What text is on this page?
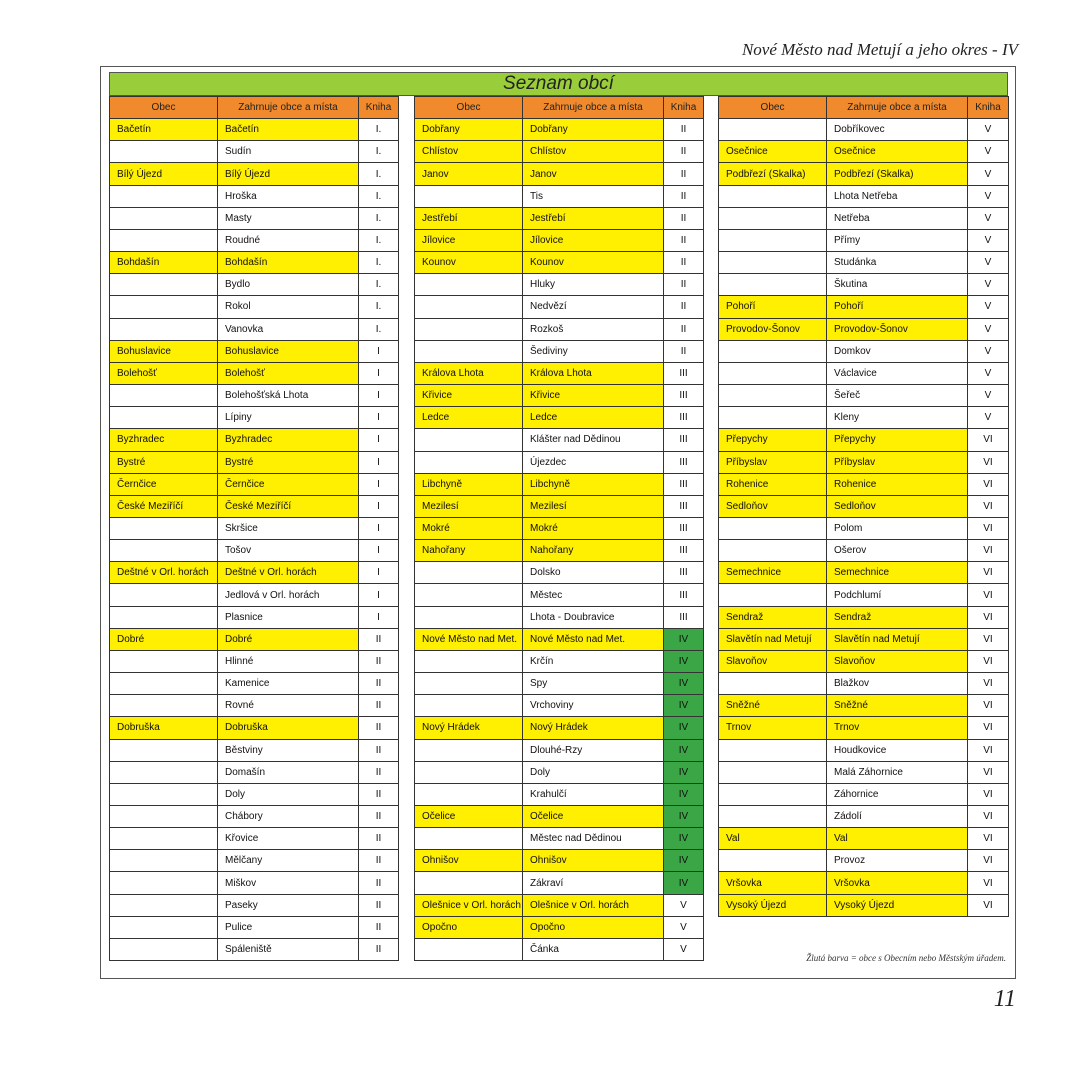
Nové Město nad Metují a jeho okres - IV
Seznam obcí
Obec	Zahrnuje obce a místa	Kniha
Bačetín	Bačetín	I.
	Sudín	I.
Bílý Újezd	Bílý Újezd	I.
	Hroška	I.
	Masty	I.
	Roudné	I.
Bohdašín	Bohdašín	I.
	Bydlo	I.
	Rokol	I.
	Vanovka	I.
Bohuslavice	Bohuslavice	I
Bolehošť	Bolehošť	I
	Bolehošťská Lhota	I
	Lípiny	I
Byzhradec	Byzhradec	I
Bystré	Bystré	I
Černčice	Černčice	I
České Meziříčí	České Meziříčí	I
	Skršice	I
	Tošov	I
Deštné v Orl. horách	Deštné v Orl. horách	I
	Jedlová v Orl. horách	I
	Plasnice	I
Dobré	Dobré	II
	Hlinné	II
	Kamenice	II
	Rovné	II
Dobruška	Dobruška	II
	Běstviny	II
	Domašín	II
	Doly	II
	Chábory	II
	Křovice	II
	Mělčany	II
	Miškov	II
	Paseky	II
	Pulice	II
	Spáleniště	II
Obec	Zahrnuje obce a místa	Kniha
Dobřany	Dobřany	II
Chlístov	Chlístov	II
Janov	Janov	II
	Tis	II
Jestřebí	Jestřebí	II
Jílovice	Jílovice	II
Kounov	Kounov	II
	Hluky	II
	Nedvězí	II
	Rozkoš	II
	Šediviny	II
Králova Lhota	Králova Lhota	III
Křivice	Křivice	III
Ledce	Ledce	III
	Klášter nad Dědinou	III
	Újezdec	III
Libchyně	Libchyně	III
Mezilesí	Mezilesí	III
Mokré	Mokré	III
Nahořany	Nahořany	III
	Dolsko	III
	Městec	III
	Lhota - Doubravice	III
Nové Město nad Met.	Nové Město nad Met.	IV
	Krčín	IV
	Spy	IV
	Vrchoviny	IV
Nový Hrádek	Nový Hrádek	IV
	Dlouhé-Rzy	IV
	Doly	IV
	Krahulčí	IV
Očelice	Očelice	IV
	Městec nad Dědinou	IV
Ohnišov	Ohnišov	IV
	Zákraví	IV
Olešnice v Orl. horách	Olešnice v Orl. horách	V
Opočno	Opočno	V
	Čánka	V
Obec	Zahrnuje obce a místa	Kniha
	Dobříkovec	V
Osečnice	Osečnice	V
Podbřezí (Skalka)	Podbřezí (Skalka)	V
	Lhota Netřeba	V
	Netřeba	V
	Přímy	V
	Studánka	V
	Škutina	V
Pohoří	Pohoří	V
Provodov-Šonov	Provodov-Šonov	V
	Domkov	V
	Václavice	V
	Šeřeč	V
	Kleny	V
Přepychy	Přepychy	VI
Příbyslav	Příbyslav	VI
Rohenice	Rohenice	VI
Sedloňov	Sedloňov	VI
	Polom	VI
	Ošerov	VI
Semechnice	Semechnice	VI
	Podchlumí	VI
Sendraž	Sendraž	VI
Slavětín nad Metují	Slavětín nad Metují	VI
Slavoňov	Slavoňov	VI
	Blažkov	VI
Sněžné	Sněžné	VI
Trnov	Trnov	VI
	Houdkovice	VI
	Malá Záhornice	VI
	Záhornice	VI
	Zádolí	VI
Val	Val	VI
	Provoz	VI
Vršovka	Vršovka	VI
Vysoký Újezd	Vysoký Újezd	VI
Žlutá barva = obce s Obecním nebo Městským úřadem.
11
